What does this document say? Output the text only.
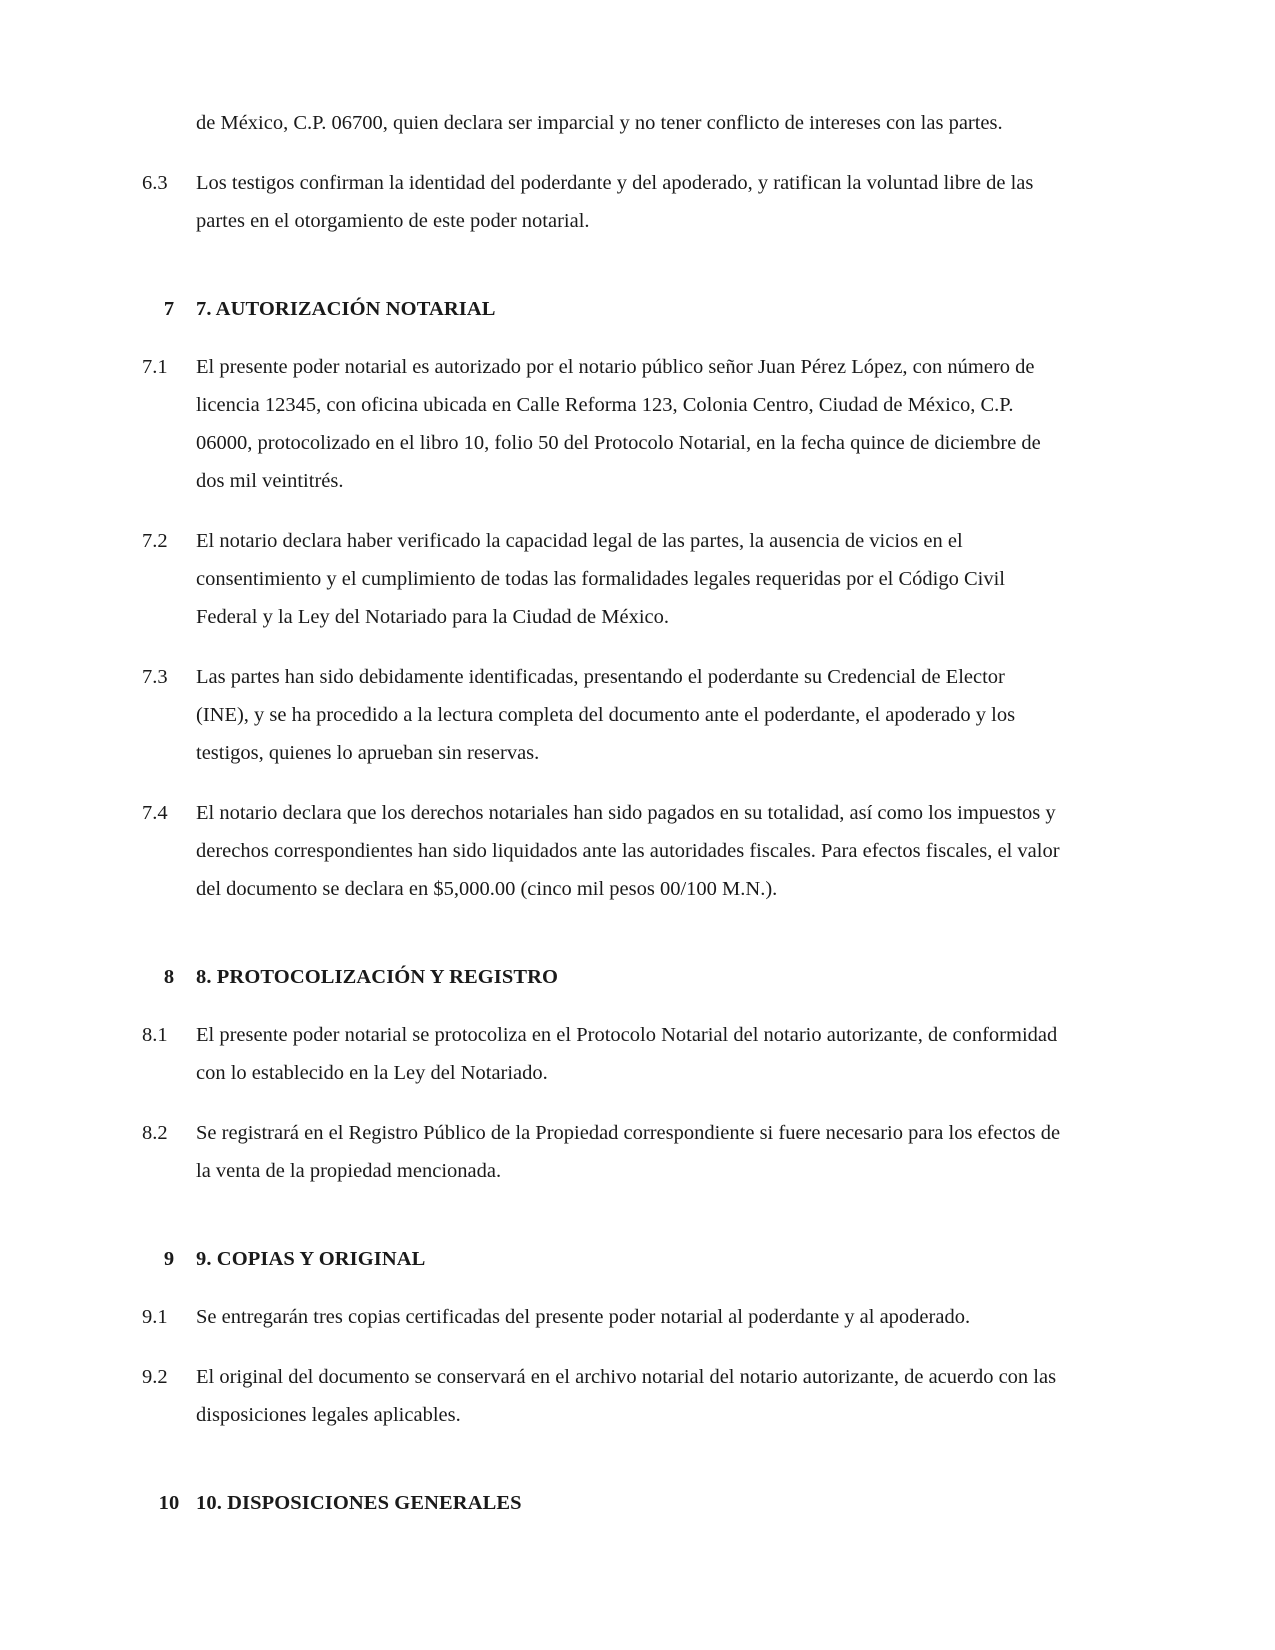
de México, C.P. 06700, quien declara ser imparcial y no tener conflicto de intereses con las partes.

6.3	Los testigos confirman la identidad del poderdante y del apoderado, y ratifican la voluntad libre de las partes en el otorgamiento de este poder notarial.
7	7. AUTORIZACIÓN NOTARIAL
7.1	El presente poder notarial es autorizado por el notario público señor Juan Pérez López, con número de licencia 12345, con oficina ubicada en Calle Reforma 123, Colonia Centro, Ciudad de México, C.P. 06000, protocolizado en el libro 10, folio 50 del Protocolo Notarial, en la fecha quince de diciembre de dos mil veintitrés.
7.2	El notario declara haber verificado la capacidad legal de las partes, la ausencia de vicios en el consentimiento y el cumplimiento de todas las formalidades legales requeridas por el Código Civil Federal y la Ley del Notariado para la Ciudad de México.
7.3	Las partes han sido debidamente identificadas, presentando el poderdante su Credencial de Elector (INE), y se ha procedido a la lectura completa del documento ante el poderdante, el apoderado y los testigos, quienes lo aprueban sin reservas.
7.4	El notario declara que los derechos notariales han sido pagados en su totalidad, así como los impuestos y derechos correspondientes han sido liquidados ante las autoridades fiscales. Para efectos fiscales, el valor del documento se declara en $5,000.00 (cinco mil pesos 00/100 M.N.).
8	8. PROTOCOLIZACIÓN Y REGISTRO
8.1	El presente poder notarial se protocoliza en el Protocolo Notarial del notario autorizante, de conformidad con lo establecido en la Ley del Notariado.
8.2	Se registrará en el Registro Público de la Propiedad correspondiente si fuere necesario para los efectos de la venta de la propiedad mencionada.
9	9. COPIAS Y ORIGINAL
9.1	Se entregarán tres copias certificadas del presente poder notarial al poderdante y al apoderado.
9.2	El original del documento se conservará en el archivo notarial del notario autorizante, de acuerdo con las disposiciones legales aplicables.
10 10. DISPOSICIONES GENERALES
